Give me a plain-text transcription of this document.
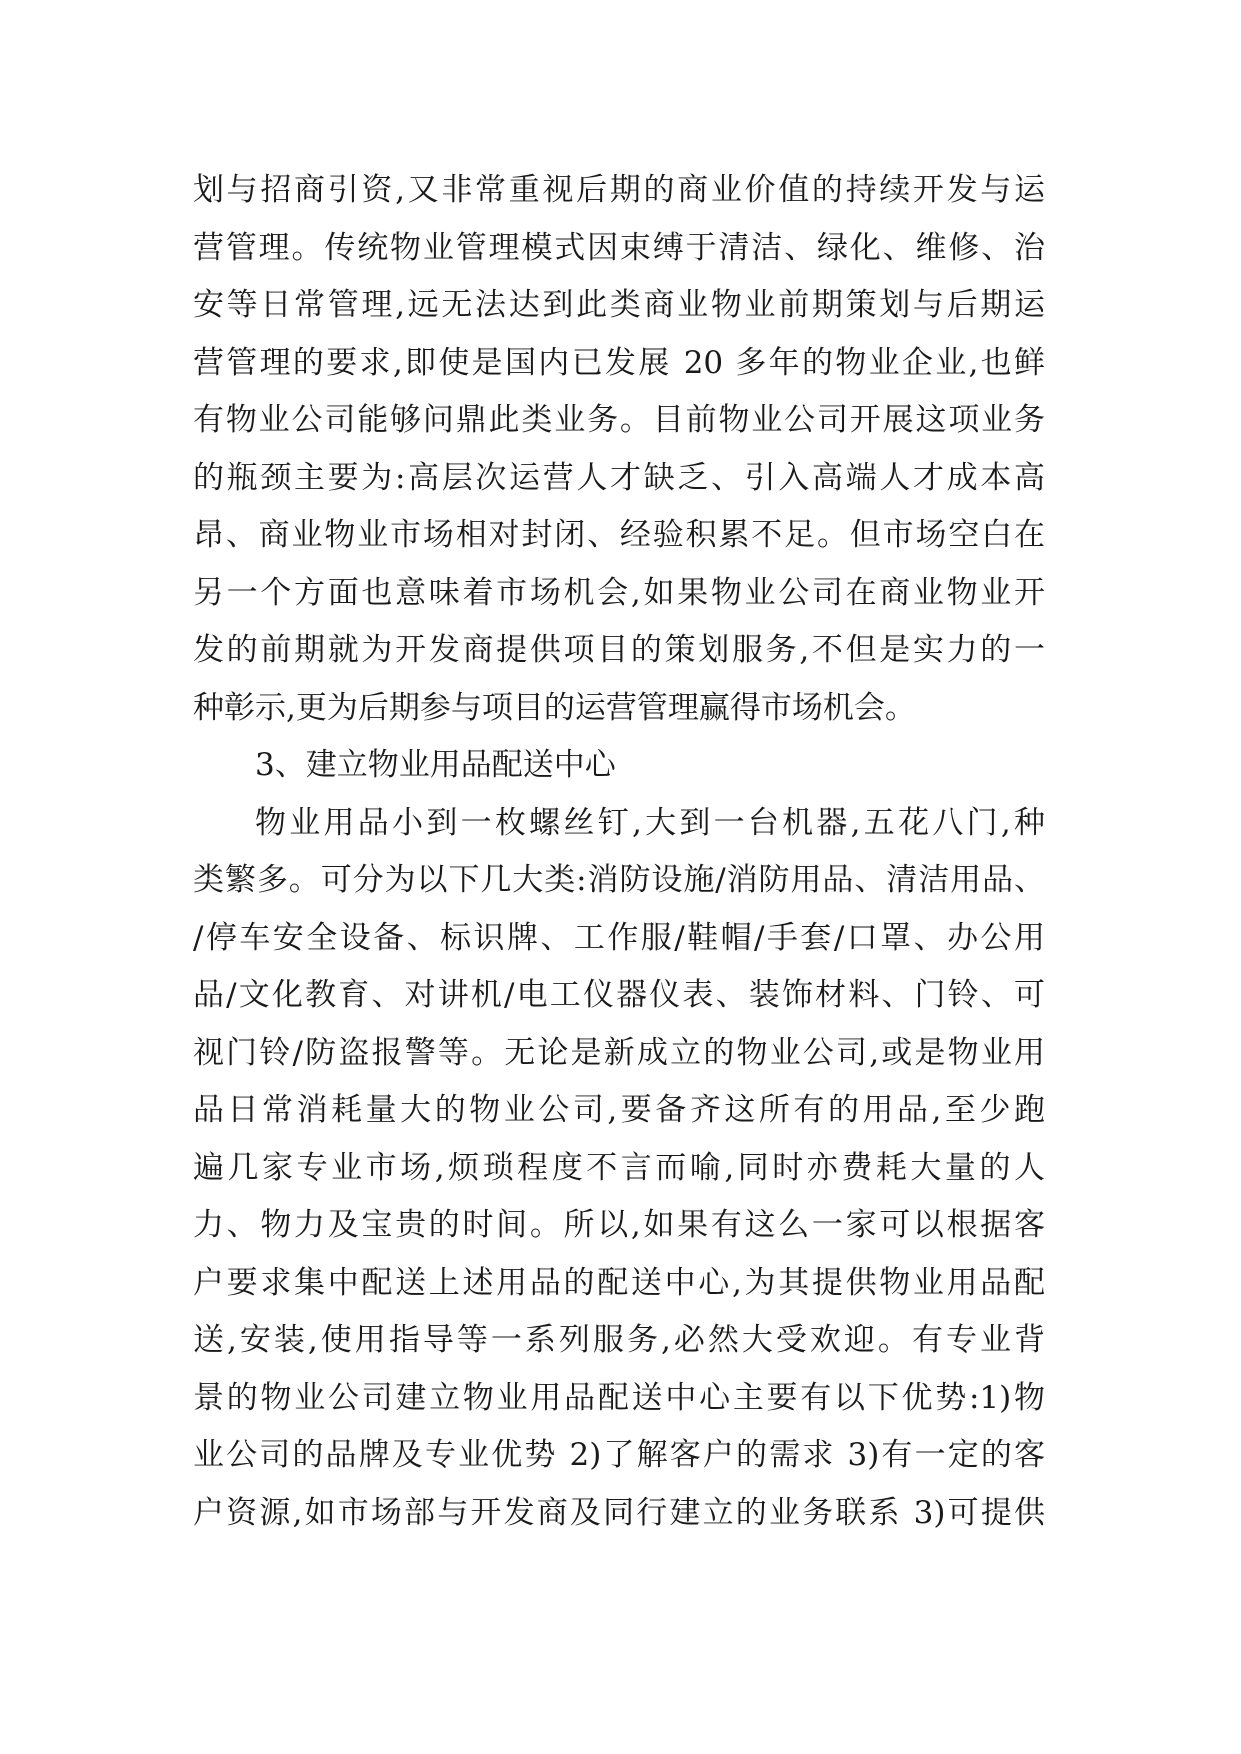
划与招商引资,又非常重视后期的商业价值的持续开发与运
营管理。传统物业管理模式因束缚于清洁、绿化、维修、治
安等日常管理,远无法达到此类商业物业前期策划与后期运
营管理的要求,即使是国内已发展 20 多年的物业企业,也鲜
有物业公司能够问鼎此类业务。目前物业公司开展这项业务
的瓶颈主要为:高层次运营人才缺乏、引入高端人才成本高
昂、商业物业市场相对封闭、经验积累不足。但市场空白在
另一个方面也意味着市场机会,如果物业公司在商业物业开
发的前期就为开发商提供项目的策划服务,不但是实力的一
种彰示,更为后期参与项目的运营管理赢得市场机会。
3、建立物业用品配送中心
物业用品小到一枚螺丝钉,大到一台机器,五花八门,种
类繁多。可分为以下几大类:消防设施/消防用品、清洁用品、
/停车安全设备、标识牌、工作服/鞋帽/手套/口罩、办公用
品/文化教育、对讲机/电工仪器仪表、装饰材料、门铃、可
视门铃/防盗报警等。无论是新成立的物业公司,或是物业用
品日常消耗量大的物业公司,要备齐这所有的用品,至少跑
遍几家专业市场,烦琐程度不言而喻,同时亦费耗大量的人
力、物力及宝贵的时间。所以,如果有这么一家可以根据客
户要求集中配送上述用品的配送中心,为其提供物业用品配
送,安装,使用指导等一系列服务,必然大受欢迎。有专业背
景的物业公司建立物业用品配送中心主要有以下优势:1)物
业公司的品牌及专业优势 2)了解客户的需求 3)有一定的客
户资源,如市场部与开发商及同行建立的业务联系 3)可提供
